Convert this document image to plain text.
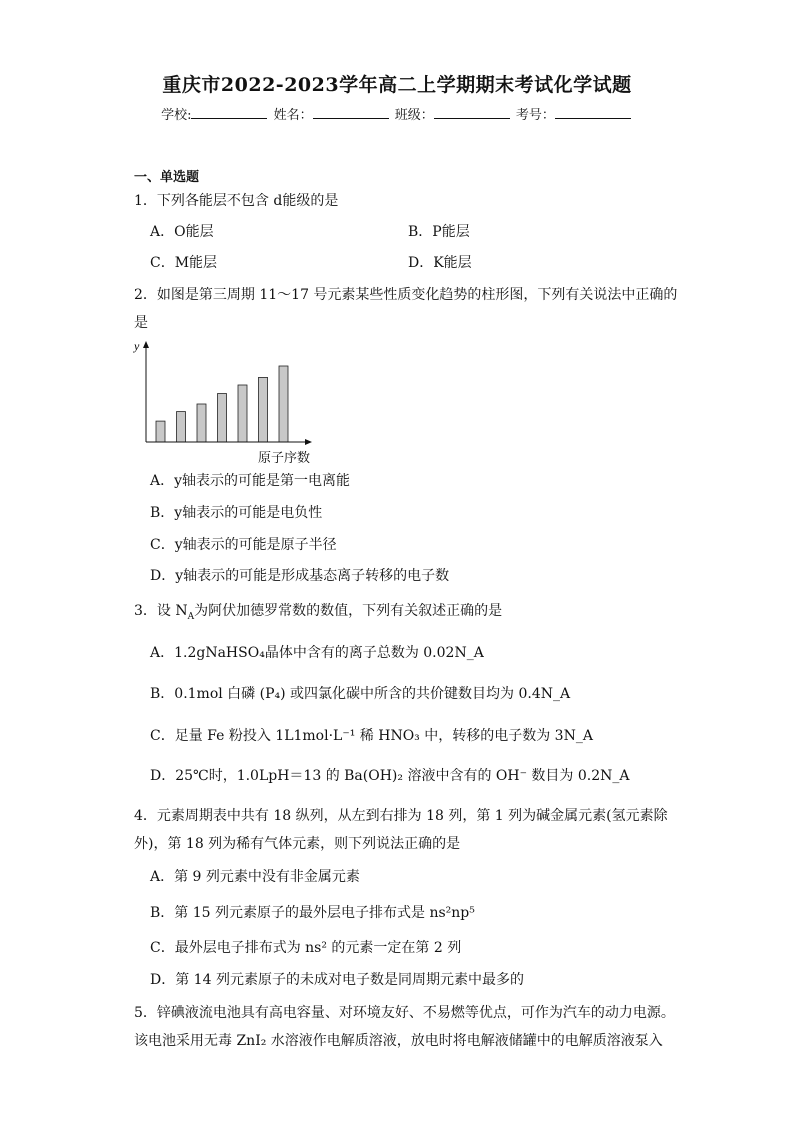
重庆市2022-2023学年高二上学期期末考试化学试题
学校:	姓名：	班级：	考号：
一、单选题
1．下列各能层不包含 d能级的是
A．O能层	B．P能层
C．M能层	D．K能层
2．如图是第三周期 11～17 号元素某些性质变化趋势的柱形图，下列有关说法中正确的
是
y
原子序数
A．y轴表示的可能是第一电离能
B．y轴表示的可能是电负性
C．y轴表示的可能是原子半径
D．y轴表示的可能是形成基态离子转移的电子数
3．设 $N_A$为阿伏加德罗常数的数值，下列有关叙述正确的是
A．1.2gNaHSO₄晶体中含有的离子总数为 0.02N_A
B．0.1mol 白磷 (P₄) 或四氯化碳中所含的共价键数目均为 0.4N_A
C．足量 Fe 粉投入 1L1mol·L⁻¹ 稀 HNO₃ 中，转移的电子数为 3N_A
D．25℃时，1.0LpH＝13 的 Ba(OH)₂ 溶液中含有的 OH⁻ 数目为 0.2N_A
4．元素周期表中共有 18 纵列，从左到右排为 18 列，第 1 列为碱金属元素(氢元素除
外)，第 18 列为稀有气体元素，则下列说法正确的是
A．第 9 列元素中没有非金属元素
B．第 15 列元素原子的最外层电子排布式是 ns²np⁵
C．最外层电子排布式为 ns² 的元素一定在第 2 列
D．第 14 列元素原子的未成对电子数是同周期元素中最多的
5．锌碘液流电池具有高电容量、对环境友好、不易燃等优点，可作为汽车的动力电源。
该电池采用无毒 ZnI₂ 水溶液作电解质溶液，放电时将电解液储罐中的电解质溶液泵入
